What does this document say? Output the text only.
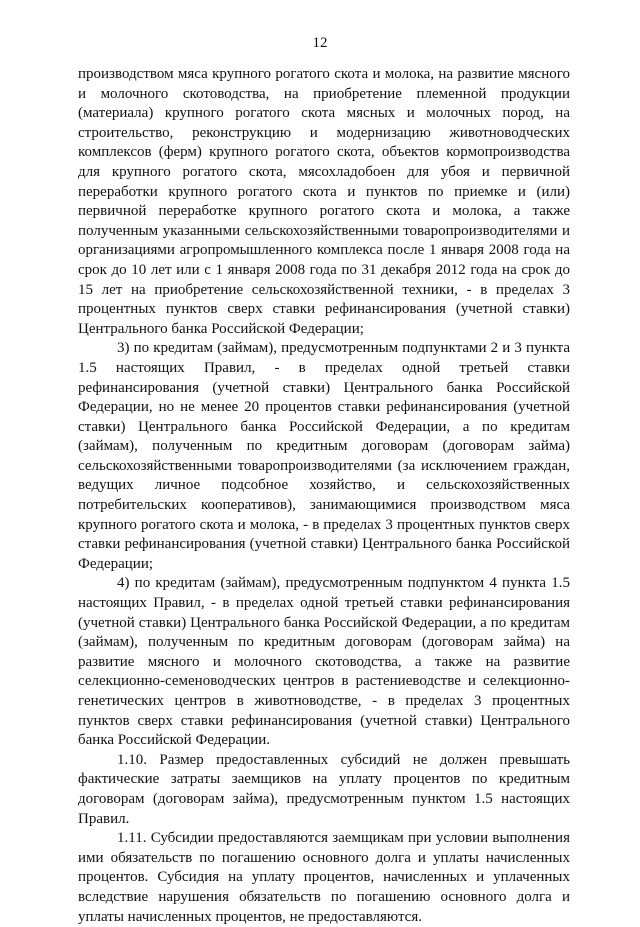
12

производством мяса крупного рогатого скота и молока, на развитие мясного и молочного скотоводства, на приобретение племенной продукции (материала) крупного рогатого скота мясных и молочных пород, на строительство, реконструкцию и модернизацию животноводческих комплексов (ферм) крупного рогатого скота, объектов кормопроизводства для крупного рогатого скота, мясохладобоен для убоя и первичной переработки крупного рогатого скота и пунктов по приемке и (или) первичной переработке крупного рогатого скота и молока, а также полученным указанными сельскохозяйственными товаропроизводителями и организациями агропромышленного комплекса после 1 января 2008 года на срок до 10 лет или с 1 января 2008 года по 31 декабря 2012 года на срок до 15 лет на приобретение сельскохозяйственной техники, - в пределах 3 процентных пунктов сверх ставки рефинансирования (учетной ставки) Центрального банка Российской Федерации;

3) по кредитам (займам), предусмотренным подпунктами 2 и 3 пункта 1.5 настоящих Правил, - в пределах одной третьей ставки рефинансирования (учетной ставки) Центрального банка Российской Федерации, но не менее 20 процентов ставки рефинансирования (учетной ставки) Центрального банка Российской Федерации, а по кредитам (займам), полученным по кредитным договорам (договорам займа) сельскохозяйственными товаропроизводителями (за исключением граждан, ведущих личное подсобное хозяйство, и сельскохозяйственных потребительских кооперативов), занимающимися производством мяса крупного рогатого скота и молока, - в пределах 3 процентных пунктов сверх ставки рефинансирования (учетной ставки) Центрального банка Российской Федерации;

4) по кредитам (займам), предусмотренным подпунктом 4 пункта 1.5 настоящих Правил, - в пределах одной третьей ставки рефинансирования (учетной ставки) Центрального банка Российской Федерации, а по кредитам (займам), полученным по кредитным договорам (договорам займа) на развитие мясного и молочного скотоводства, а также на развитие селекционно-семеноводческих центров в растениеводстве и селекционно-генетических центров в животноводстве, - в пределах 3 процентных пунктов сверх ставки рефинансирования (учетной ставки) Центрального банка Российской Федерации.

1.10. Размер предоставленных субсидий не должен превышать фактические затраты заемщиков на уплату процентов по кредитным договорам (договорам займа), предусмотренным пунктом 1.5 настоящих Правил.

1.11. Субсидии предоставляются заемщикам при условии выполнения ими обязательств по погашению основного долга и уплаты начисленных процентов. Субсидия на уплату процентов, начисленных и уплаченных вследствие нарушения обязательств по погашению основного долга и уплаты начисленных процентов, не предоставляются.
